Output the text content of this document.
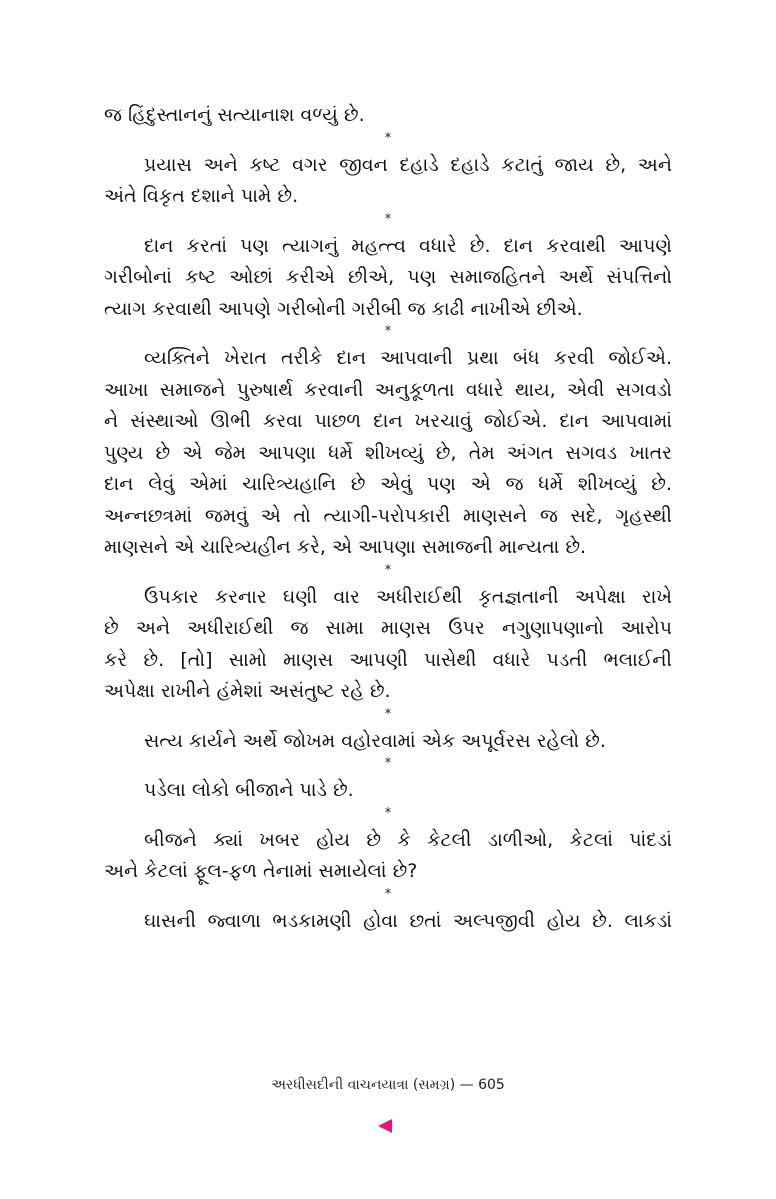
જ હિંદુસ્તાનનું સત્યાનાશ વળ્યું છે.
*
પ્રયાસ અને કષ્ટ વગર જીવન દહાડે દહાડે કટાતું જાય છે, અને
અંતે વિકૃત દશાને પામે છે.
*
દાન કરતાં પણ ત્યાગનું મહત્ત્વ વધારે છે. દાન કરવાથી આપણે
ગરીબોનાં કષ્ટ ઓછાં કરીએ છીએ, પણ સમાજહિતને અર્થે સંપત્તિનો
ત્યાગ કરવાથી આપણે ગરીબોની ગરીબી જ કાઢી નાખીએ છીએ.
*
વ્યક્તિને ખેરાત તરીકે દાન આપવાની પ્રથા બંધ કરવી જોઈએ.
આખા સમાજને પુરુષાર્થ કરવાની અનુકૂળતા વધારે થાય, એવી સગવડો
ને સંસ્થાઓ ઊભી કરવા પાછળ દાન ખરચાવું જોઈએ. દાન આપવામાં
પુણ્ય છે એ જેમ આપણા ધર્મે શીખવ્યું છે, તેમ અંગત સગવડ ખાતર
દાન લેવું એમાં ચારિત્ર્યહાનિ છે એવું પણ એ જ ધર્મે શીખવ્યું છે.
અન્નછત્રમાં જમવું એ તો ત્યાગી-પરોપકારી માણસને જ સદે, ગૃહસ્થી
માણસને એ ચારિત્ર્યહીન કરે, એ આપણા સમાજની માન્યતા છે.
*
ઉપકાર કરનાર ઘણી વાર અધીરાઈથી કૃતજ્ઞતાની અપેક્ષા રાખે
છે અને અધીરાઈથી જ સામા માણસ ઉપર નગુણાપણાનો આરોપ
કરે છે. [તો] સામો માણસ આપણી પાસેથી વધારે પડતી ભલાઈની
અપેક્ષા રાખીને હંમેશાં અસંતુષ્ટ રહે છે.
*
સત્ય કાર્યને અર્થે જોખમ વહોરવામાં એક અપૂર્વરસ રહેલો છે.
*
પડેલા લોકો બીજાને પાડે છે.
*
બીજને ક્યાં ખબર હોય છે કે કેટલી ડાળીઓ, કેટલાં પાંદડાં
અને કેટલાં ફૂલ-ફળ તેનામાં સમાયેલાં છે?
*
ઘાસની જ્વાળા ભડકામણી હોવા છતાં અલ્પજીવી હોય છે. લાકડાં
અરધીસદીની વાચનયાત્રા (સમગ્ર) — 605
